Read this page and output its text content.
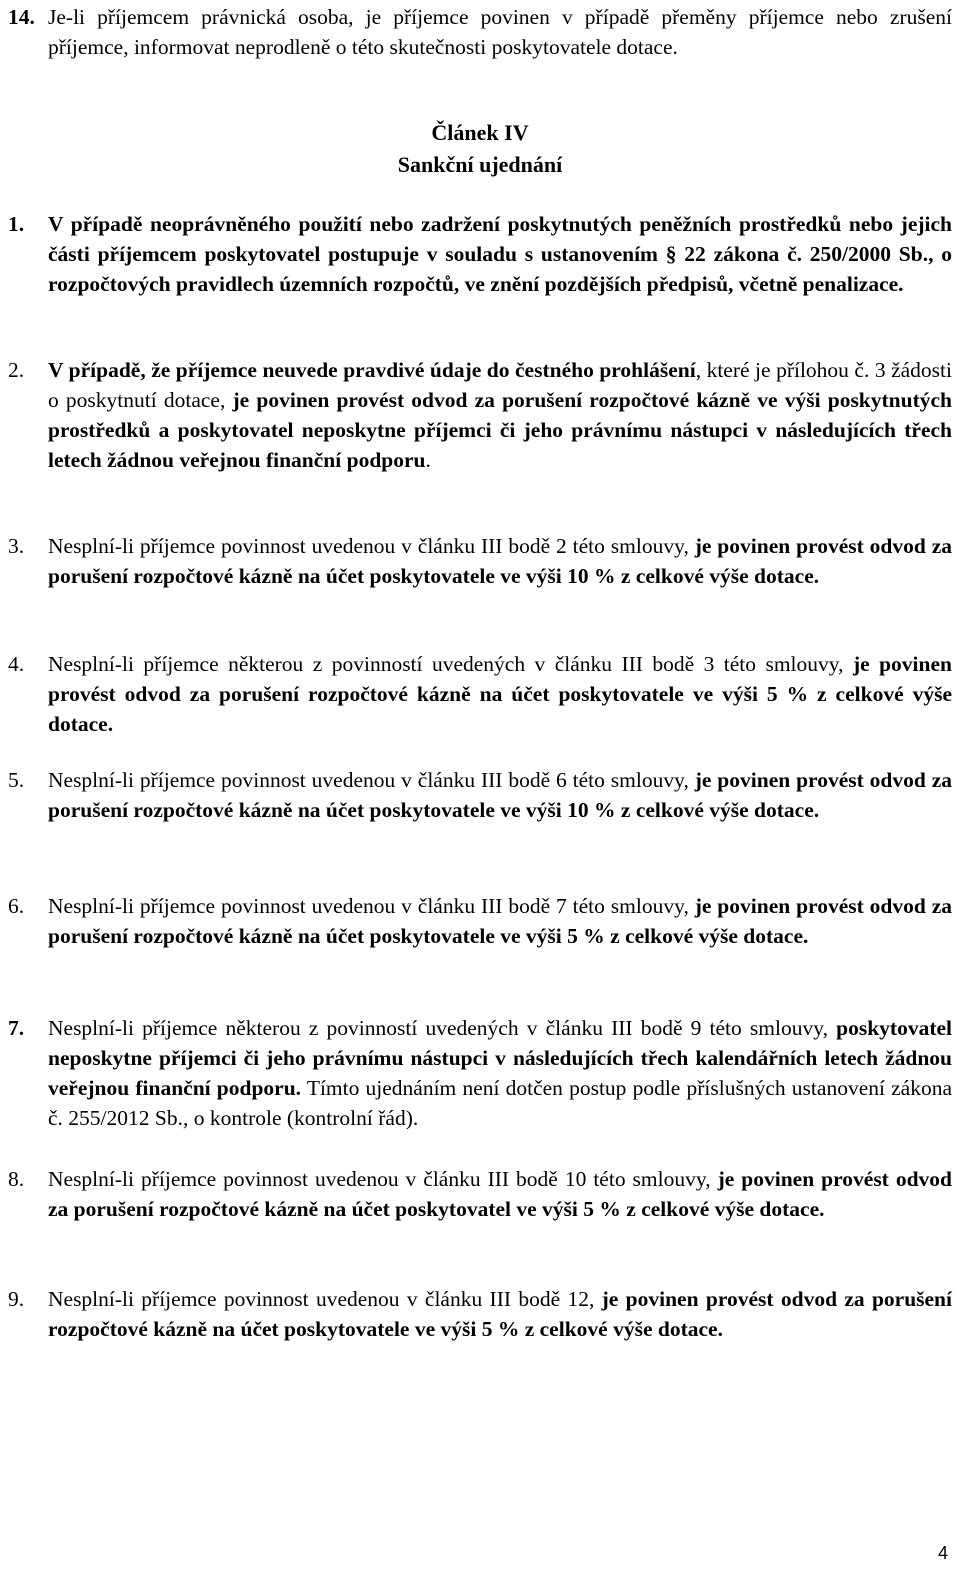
14. Je-li příjemcem právnická osoba, je příjemce povinen v případě přeměny příjemce nebo zrušení příjemce, informovat neprodleně o této skutečnosti poskytovatele dotace.
Článek IV
Sankční ujednání
1.	V případě neoprávněného použití nebo zadržení poskytnutých peněžních prostředků nebo jejich části příjemcem poskytovatel postupuje v souladu s ustanovením § 22 zákona č. 250/2000 Sb., o rozpočtových pravidlech územních rozpočtů, ve znění pozdějších předpisů, včetně penalizace.
2.	V případě, že příjemce neuvede pravdivé údaje do čestného prohlášení, které je přílohou č. 3 žádosti o poskytnutí dotace, je povinen provést odvod za porušení rozpočtové kázně ve výši poskytnutých prostředků a poskytovatel neposkytne příjemci či jeho právnímu nástupci v následujících třech letech žádnou veřejnou finanční podporu.
3.	Nesplní-li příjemce povinnost uvedenou v článku III bodě 2 této smlouvy, je povinen provést odvod za porušení rozpočtové kázně na účet poskytovatele ve výši 10 % z celkové výše dotace.
4.	Nesplní-li příjemce některou z povinností uvedených v článku III bodě 3 této smlouvy, je povinen provést odvod za porušení rozpočtové kázně na účet poskytovatele ve výši 5 % z celkové výše dotace.
5.	Nesplní-li příjemce povinnost uvedenou v článku III bodě 6 této smlouvy, je povinen provést odvod za porušení rozpočtové kázně na účet poskytovatele ve výši 10 % z celkové výše dotace.
6.	Nesplní-li příjemce povinnost uvedenou v článku III bodě 7 této smlouvy, je povinen provést odvod za porušení rozpočtové kázně na účet poskytovatele ve výši 5 % z celkové výše dotace.
7.	Nesplní-li příjemce některou z povinností uvedených v článku III bodě 9 této smlouvy, poskytovatel neposkytne příjemci či jeho právnímu nástupci v následujících třech kalendářních letech žádnou veřejnou finanční podporu. Tímto ujednáním není dotčen postup podle příslušných ustanovení zákona č. 255/2012 Sb., o kontrole (kontrolní řád).
8.	Nesplní-li příjemce povinnost uvedenou v článku III bodě 10 této smlouvy, je povinen provést odvod za porušení rozpočtové kázně na účet poskytovatel ve výši 5 % z celkové výše dotace.
9.	Nesplní-li příjemce povinnost uvedenou v článku III bodě 12, je povinen provést odvod za porušení rozpočtové kázně na účet poskytovatele ve výši 5 % z celkové výše dotace.
4
